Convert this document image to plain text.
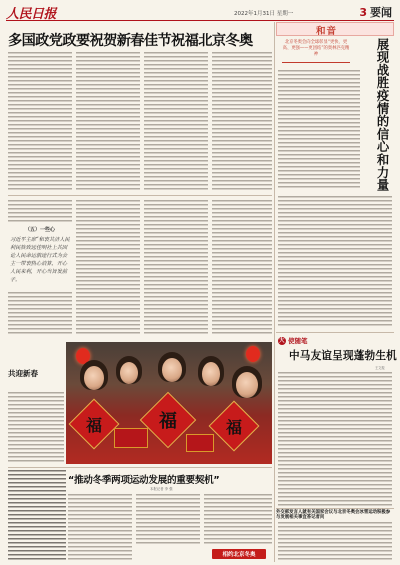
人民日报	2022年1月31日 星期一	3 要闻
多国政党政要祝贺新春佳节祝福北京冬奥
（五）一些心
习近平主席“和衷共济人民利民族致远佳明社上共因论人民命运旅途行式为会主一带衷热心消算，开心人民来利，开心当旨发前子。
福	福	福
共迎新春
“推动冬季两项运动发展的重要契机”
本报记者 李 强
相约北京冬奥
和音
北京冬奥会向全球彰显“更快、更高、更强——更团结”的奥林匹克精神	展现战胜疫情的信心和力量
大 使随笔
中马友谊呈现蓬勃生机
王文振
外交部发言人就有关国家会议与北京冬奥会冰雪运动积极参与发展相关事宜答记者问
